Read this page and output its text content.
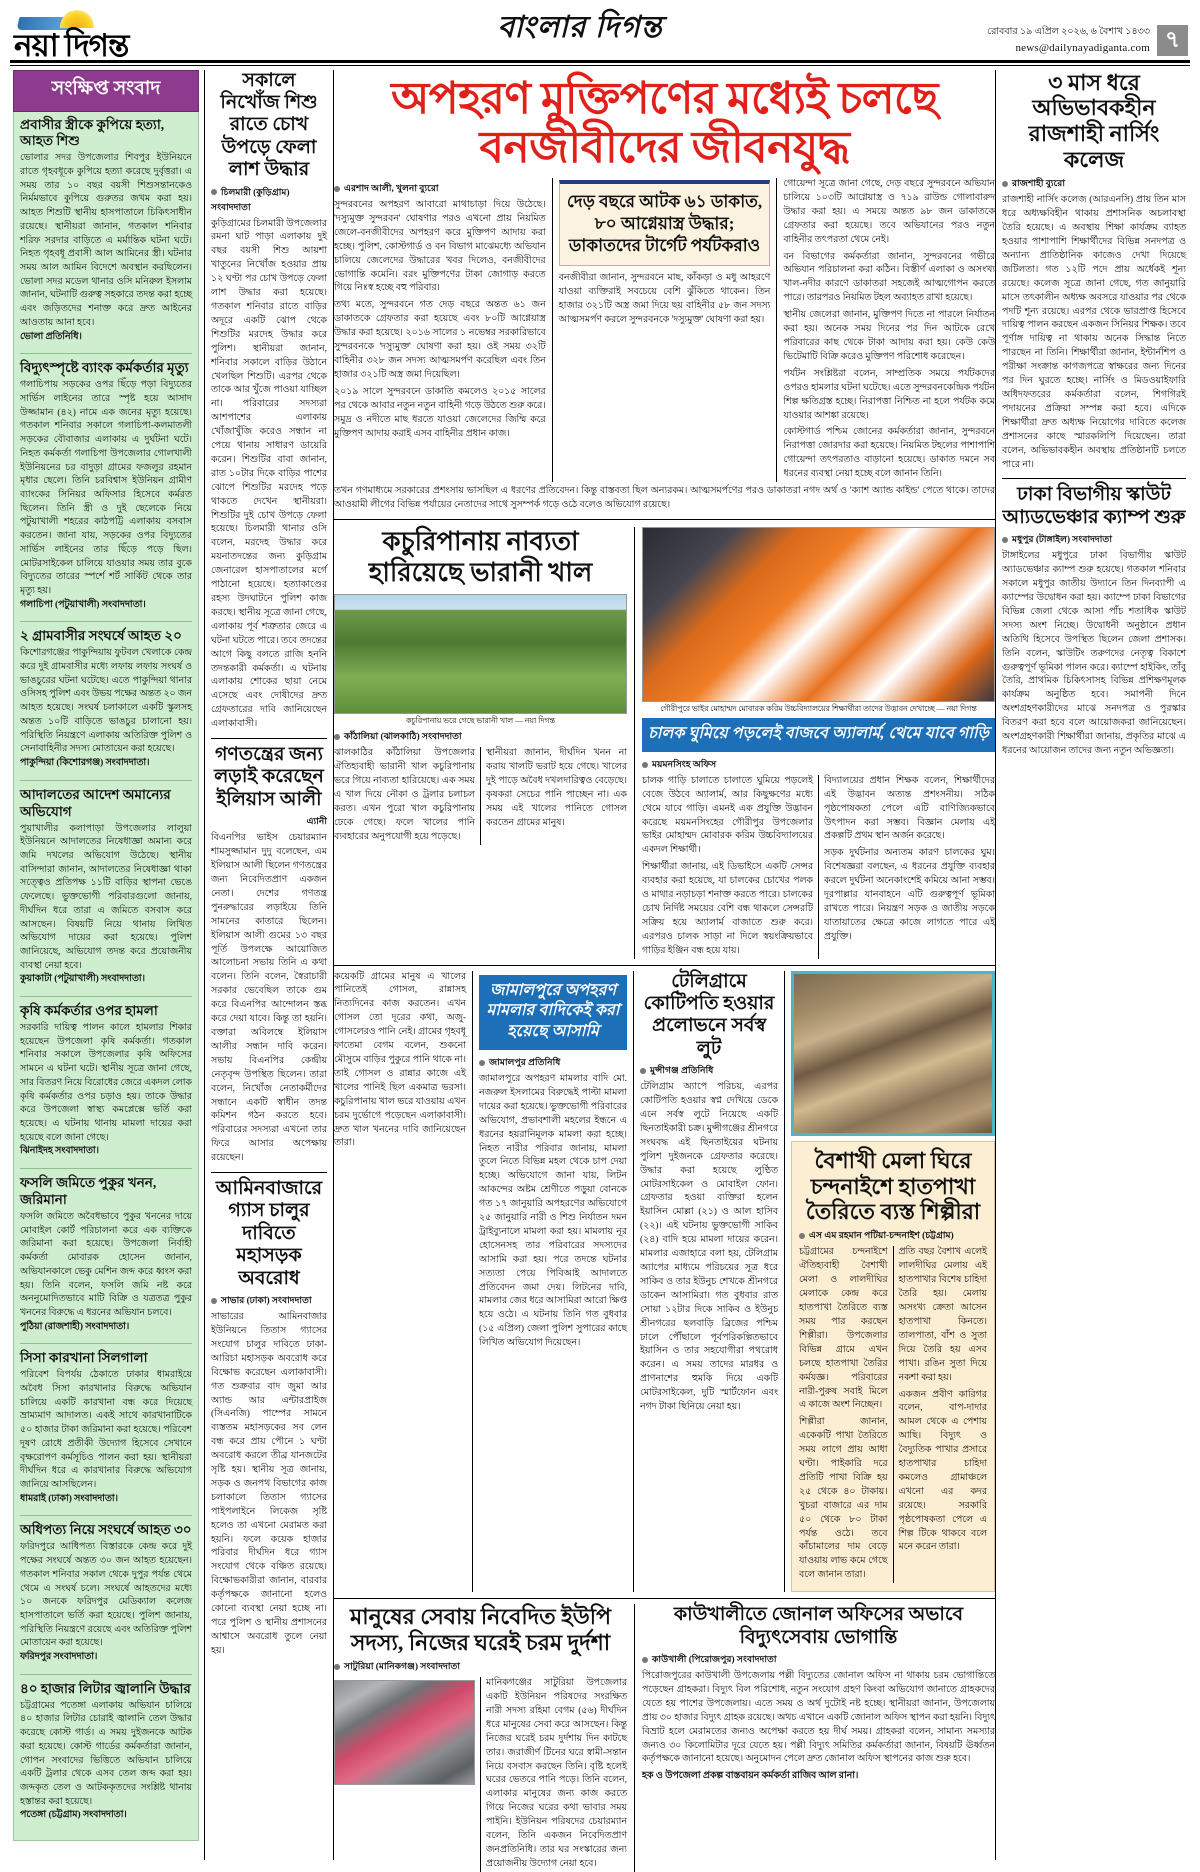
নয়া দিগন্ত
বাংলার দিগন্ত	রোববার ১৯ এপ্রিল ২০২৬, ৬ বৈশাখ ১৪৩৩
news@dailynayadiganta.com ৭
সংক্ষিপ্ত সংবাদ
প্রবাসীর স্ত্রীকে কুপিয়ে হত্যা, আহত শিশু
ভোলার সদর উপজেলার শিবপুর ইউনিয়নে রাতে গৃহবধূকে কুপিয়ে হত্যা করেছে দুর্বৃত্তরা। এ সময় তার ১০ বছর বয়সী শিশুসন্তানকেও নির্মমভাবে কুপিয়ে গুরুতর জখম করা হয়। আহত শিশুটি স্থানীয় হাসপাতালে চিকিৎসাধীন রয়েছে। স্থানীয়রা জানান, গতকাল শনিবার শরিফ সরদার বাড়িতে এ মর্মান্তিক ঘটনা ঘটে। নিহত গৃহবধূ প্রবাসী আল আমিনের স্ত্রী। ঘটনার সময় আল আমিন বিদেশে অবস্থান করছিলেন। ভোলা সদর মডেল থানার ওসি মনিরুল ইসলাম জানান, ঘটনাটি গুরুত্ব সহকারে তদন্ত করা হচ্ছে এবং জড়িতদের শনাক্ত করে দ্রুত আইনের আওতায় আনা হবে।
ভোলা প্রতিনিধি।
বিদ্যুৎস্পৃষ্টে ব্যাংক কর্মকর্তার মৃত্যু
গলাচিপায় সড়কের ওপর ছিঁড়ে পড়া বিদ্যুতের সার্ভিস লাইনের তারে স্পৃষ্ট হয়ে আসাদ উজ্জামান (৪২) নামে এক জনের মৃত্যু হয়েছে। গতকাল শনিবার সকালে গলাচিপা-কলমাতলী সড়কের বৌবাজার এলাকায় এ দুর্ঘটনা ঘটে। নিহত কর্মকর্তা গলাচিপা উপজেলার গোলখালী ইউনিয়নের চর বাদুড়া গ্রামের ফজলুর রহমান মৃধার ছেলে। তিনি চরবিশ্বাস ইউনিয়ন গ্রামীণ ব্যাংকের সিনিয়র অফিসার হিসেবে কর্মরত ছিলেন। তিনি স্ত্রী ও দুই ছেলেকে নিয়ে পটুয়াখালী শহরের কাঠপট্টি এলাকায় বসবাস করতেন। জানা যায়, সড়কের ওপর বিদ্যুতের সার্ভিস লাইনের তার ছিঁড়ে পড়ে ছিল। মোটরসাইকেল চালিয়ে যাওয়ার সময় তার বুকে বিদ্যুতের তারের স্পর্শে শর্ট সার্কিট থেকে তার মৃত্যু হয়।
গলাচিপা (পটুয়াখালী) সংবাদদাতা।
২ গ্রামবাসীর সংঘর্ষে আহত ২০
কিশোরগঞ্জের পাকুন্দিয়ায় ফুটবল খেলাকে কেন্দ্র করে দুই গ্রামবাসীর মধ্যে লফায় লফায় সংঘর্ষ ও ভাঙচুরের ঘটনা ঘটেছে। এতে পাকুন্দিয়া থানার ওসিসহ পুলিশ এবং উভয় পক্ষের অন্তত ২০ জন আহত হয়েছে। সংঘর্ষ চলাকালে একটি স্কুলসহ অন্তত ১০টি বাড়িতে ভাঙচুর চালানো হয়। পরিস্থিতি নিয়ন্ত্রণে এলাকায় অতিরিক্ত পুলিশ ও সেনাবাহিনীর সদস্য মোতায়েন করা হয়েছে।
পাকুন্দিয়া (কিশোরগঞ্জ) সংবাদদাতা।
আদালতের আদেশ অমান্যের অভিযোগ
পুয়াখালীর কলাপাড়া উপজেলার লালুয়া ইউনিয়নে আদালতের নিষেধাজ্ঞা অমান্য করে জমি দখলের অভিযোগ উঠেছে। স্থানীয় বাসিন্দারা জানান, আদালতের নিষেধাজ্ঞা থাকা সত্ত্বেও প্রতিপক্ষ ১১টি বাড়ির স্থাপনা ভেঙে ফেলেছে। ভুক্তভোগী পরিবারগুলো জানায়, দীর্ঘদিন ধরে তারা এ জমিতে বসবাস করে আসছেন। বিষয়টি নিয়ে থানায় লিখিত অভিযোগ দায়ের করা হয়েছে। পুলিশ জানিয়েছে, অভিযোগ তদন্ত করে প্রয়োজনীয় ব্যবস্থা নেয়া হবে।
কুয়াকাটা (পটুয়াখালী) সংবাদদাতা।
কৃষি কর্মকর্তার ওপর হামলা
সরকারি দায়িত্ব পালন কালে হামলার শিকার হয়েছেন উপজেলা কৃষি কর্মকর্তা। গতকাল শনিবার সকালে উপজেলার কৃষি অফিসের সামনে এ ঘটনা ঘটে। স্থানীয় সূত্রে জানা গেছে, সার বিতরণ নিয়ে বিরোধের জেরে একদল লোক কৃষি কর্মকর্তার ওপর চড়াও হয়। তাকে উদ্ধার করে উপজেলা স্বাস্থ্য কমপ্লেক্সে ভর্তি করা হয়েছে। এ ঘটনায় থানায় মামলা দায়ের করা হয়েছে বলে জানা গেছে।
ঝিনাইদহ সংবাদদাতা।
ফসলি জমিতে পুকুর খনন, জরিমানা
ফসলি জমিতে অবৈধভাবে পুকুর খননের দায়ে মোবাইল কোর্ট পরিচালনা করে এক ব্যক্তিকে জরিমানা করা হয়েছে। উপজেলা নির্বাহী কর্মকর্তা মোবারক হোসেন জানান, অভিযানকালে ভেকু মেশিন জব্দ করে ধ্বংস করা হয়। তিনি বলেন, ফসলি জমি নষ্ট করে অননুমোদিতভাবে মাটি বিক্রি ও যত্রতত্র পুকুর খননের বিরুদ্ধে এ ধরনের অভিযান চলবে।
পুঠিয়া (রাজশাহী) সংবাদদাতা।
সিসা কারখানা সিলগালা
পরিবেশ বিপর্যয় ঠেকাতে ঢাকার ধামরাইয়ে অবৈধ সিসা কারখানার বিরুদ্ধে অভিযান চালিয়ে একটি কারখানা বন্ধ করে দিয়েছে ভ্রাম্যমাণ আদালত। একই সাথে কারখানাটিকে ৫০ হাজার টাকা জরিমানা করা হয়েছে। পরিবেশ দূষণ রোধে প্রতীকী উদ্যোগ হিসেবে সেখানে বৃক্ষরোপণ কর্মসূচিও পালন করা হয়। স্থানীয়রা দীর্ঘদিন ধরে এ কারখানার বিরুদ্ধে অভিযোগ জানিয়ে আসছিলেন।
ধামরাই (ঢাকা) সংবাদদাতা।
অধিপত্য নিয়ে সংঘর্ষে আহত ৩০
ফরিদপুরে আধিপত্য বিস্তারকে কেন্দ্র করে দুই পক্ষের সংঘর্ষে অন্তত ৩০ জন আহত হয়েছেন। গতকাল শনিবার সকাল থেকে দুপুর পর্যন্ত থেমে থেমে এ সংঘর্ষ চলে। সংঘর্ষে আহতদের মধ্যে ১০ জনকে ফরিদপুর মেডিক্যাল কলেজ হাসপাতালে ভর্তি করা হয়েছে। পুলিশ জানায়, পরিস্থিতি নিয়ন্ত্রণে রয়েছে এবং অতিরিক্ত পুলিশ মোতায়েন করা হয়েছে।
ফরিদপুর সংবাদদাতা।
৪০ হাজার লিটার জ্বালানি উদ্ধার
চট্টগ্রামের পতেঙ্গা এলাকায় অভিযান চালিয়ে ৪০ হাজার লিটার চোরাই জ্বালানি তেল উদ্ধার করেছে কোস্ট গার্ড। এ সময় দুইজনকে আটক করা হয়েছে। কোস্ট গার্ডের কর্মকর্তারা জানান, গোপন সংবাদের ভিত্তিতে অভিযান চালিয়ে একটি ট্রলার থেকে এসব তেল জব্দ করা হয়। জব্দকৃত তেল ও আটককৃতদের সংশ্লিষ্ট থানায় হস্তান্তর করা হয়েছে।
পতেঙ্গা (চট্টগ্রাম) সংবাদদাতা।
সকালে নিখোঁজ শিশু রাতে চোখ উপড়ে ফেলা লাশ উদ্ধার
চিলমারী (কুড়িগ্রাম) সংবাদদাতা
কুড়িগ্রামের চিলমারী উপজেলার রমনা ঘাট পাড়া এলাকায় দুই বছর বয়সী শিশু আয়শা খাতুনের নিখোঁজ হওয়ার প্রায় ১২ ঘণ্টা পর চোখ উপড়ে ফেলা লাশ উদ্ধার করা হয়েছে। গতকাল শনিবার রাতে বাড়ির অদূরে একটি ঝোপ থেকে শিশুটির মরদেহ উদ্ধার করে পুলিশ। স্থানীয়রা জানান, শনিবার সকালে বাড়ির উঠানে খেলছিল শিশুটি। এরপর থেকে তাকে আর খুঁজে পাওয়া যাচ্ছিল না। পরিবারের সদস্যরা আশপাশের এলাকায় খোঁজাখুঁজি করেও সন্ধান না পেয়ে থানায় সাধারণ ডায়েরি করেন। শিশুটির বাবা জানান, রাত ১০টার দিকে বাড়ির পাশের ঝোপে শিশুটির মরদেহ পড়ে থাকতে দেখেন স্থানীয়রা। শিশুটির দুই চোখ উপড়ে ফেলা হয়েছে। চিলমারী থানার ওসি বলেন, মরদেহ উদ্ধার করে ময়নাতদন্তের জন্য কুড়িগ্রাম জেনারেল হাসপাতালের মর্গে পাঠানো হয়েছে। হত্যাকাণ্ডের রহস্য উদঘাটনে পুলিশ কাজ করছে। স্থানীয় সূত্রে জানা গেছে, এলাকায় পূর্ব শত্রুতার জেরে এ ঘটনা ঘটতে পারে। তবে তদন্তের আগে কিছু বলতে রাজি হননি তদন্তকারী কর্মকর্তা। এ ঘটনায় এলাকায় শোকের ছায়া নেমে এসেছে এবং দোষীদের দ্রুত গ্রেফতারের দাবি জানিয়েছেন এলাকাবাসী।
গণতন্ত্রের জন্য লড়াই করেছেন ইলিয়াস আলী
এ্যানী
বিএনপির ভাইস চেয়ারম্যান শামসুজ্জামান দুদু বলেছেন, এম ইলিয়াস আলী ছিলেন গণতন্ত্রের জন্য নিবেদিতপ্রাণ একজন নেতা। দেশের গণতন্ত্র পুনরুদ্ধারের লড়াইয়ে তিনি সামনের কাতারে ছিলেন। ইলিয়াস আলী গুমের ১৩ বছর পূর্তি উপলক্ষে আয়োজিত আলোচনা সভায় তিনি এ কথা বলেন। তিনি বলেন, স্বৈরাচারী সরকার ভেবেছিল তাকে গুম করে বিএনপির আন্দোলন স্তব্ধ করে দেয়া যাবে। কিন্তু তা হয়নি। বক্তারা অবিলম্বে ইলিয়াস আলীর সন্ধান দাবি করেন। সভায় বিএনপির কেন্দ্রীয় নেতৃবৃন্দ উপস্থিত ছিলেন। তারা বলেন, নিখোঁজ নেতাকর্মীদের সন্ধানে একটি স্বাধীন তদন্ত কমিশন গঠন করতে হবে। পরিবারের সদস্যরা এখনো তার ফিরে আসার অপেক্ষায় রয়েছেন।
আমিনবাজারে গ্যাস চালুর দাবিতে মহাসড়ক অবরোধ
সাভার (ঢাকা) সংবাদদাতা
সাভারের আমিনবাজার ইউনিয়নে তিতাস গ্যাসের সংযোগ চালুর দাবিতে ঢাকা-আরিচা মহাসড়ক অবরোধ করে বিক্ষোভ করেছেন এলাকাবাসী। গত শুক্রবার বাদ জুমা আর অ্যান্ড আর এন্টারপ্রাইজ (সিএনজি) পাম্পের সামনে ব্যস্ততম মহাসড়কের সব লেন বন্ধ করে প্রায় পৌনে ১ ঘণ্টা অবরোধ করলে তীব্র যানজটের সৃষ্টি হয়। স্থানীয় সূত্র জানায়, সড়ক ও জনপথ বিভাগের কাজ চলাকালে তিতাস গ্যাসের পাইপলাইনে লিকেজ সৃষ্টি হলেও তা এখনো মেরামত করা হয়নি। ফলে কয়েক হাজার পরিবার দীর্ঘদিন ধরে গ্যাস সংযোগ থেকে বঞ্চিত রয়েছে। বিক্ষোভকারীরা জানান, বারবার কর্তৃপক্ষকে জানানো হলেও কোনো ব্যবস্থা নেয়া হচ্ছে না। পরে পুলিশ ও স্থানীয় প্রশাসনের আশ্বাসে অবরোধ তুলে নেয়া হয়।
অপহরণ মুক্তিপণের মধ্যেই চলছে বনজীবীদের জীবনযুদ্ধ
এরশাদ আলী, খুলনা ব্যুরো
সুন্দরবনের অপহরণ আবারো মাথাচাড়া দিয়ে উঠেছে। 'দস্যুমুক্ত সুন্দরবন' ঘোষণার পরও এখনো প্রায় নিয়মিত জেলে-বনজীবীদের অপহরণ করে মুক্তিপণ আদায় করা হচ্ছে। পুলিশ, কোস্টগার্ড ও বন বিভাগ মাঝেমধ্যে অভিযান চালিয়ে জেলেদের উদ্ধারের খবর দিলেও, বনজীবীদের ভোগান্তি কমেনি। বরং মুক্তিপণের টাকা জোগাড় করতে গিয়ে নিঃস্ব হচ্ছে বহু পরিবার।
তথ্য মতে, সুন্দরবনে গত দেড় বছরে অন্তত ৬১ জন ডাকাতকে গ্রেফতার করা হয়েছে এবং ৮০টি আগ্নেয়াস্ত্র উদ্ধার করা হয়েছে। ২০১৬ সালের ১ নভেম্বর সরকারিভাবে সুন্দরবনকে 'দস্যুমুক্ত' ঘোষণা করা হয়। ওই সময় ৩২টি বাহিনীর ৩২৮ জন সদস্য আত্মসমর্পণ করেছিল এবং তিন হাজার ৩২১টি অস্ত্র জমা দিয়েছিল।
২০১৯ সালে সুন্দরবনে ডাকাতি কমলেও ২০১৫ সালের পর থেকে আবার নতুন নতুন বাহিনী গড়ে উঠতে শুরু করে। সমুদ্র ও নদীতে মাছ ধরতে যাওয়া জেলেদের জিম্মি করে মুক্তিপণ আদায় করাই এসব বাহিনীর প্রধান কাজ।
দেড় বছরে আটক ৬১ ডাকাত, ৮০ আগ্নেয়াস্ত্র উদ্ধার; ডাকাতদের টার্গেট পর্যটকরাও
বনজীবীরা জানান, সুন্দরবনে মাছ, কাঁকড়া ও মধু আহরণে যাওয়া ব্যক্তিরাই সবচেয়ে বেশি ঝুঁকিতে থাকেন। তিন হাজার ৩২১টি অস্ত্র জমা দিয়ে ছয় বাহিনীর ৫৮ জন সদস্য আত্মসমর্পণ করলে সুন্দরবনকে 'দস্যুমুক্ত' ঘোষণা করা হয়।
গোয়েন্দা সূত্রে জানা গেছে, দেড় বছরে সুন্দরবনে অভিযান চালিয়ে ১০৩টি আগ্নেয়াস্ত্র ও ৭১৯ রাউন্ড গোলাবারুদ উদ্ধার করা হয়। এ সময়ে অন্তত ৯৮ জন ডাকাতকে গ্রেফতার করা হয়েছে। তবে অভিযানের পরও নতুন বাহিনীর তৎপরতা থেমে নেই।
বন বিভাগের কর্মকর্তারা জানান, সুন্দরবনের গভীরে অভিযান পরিচালনা করা কঠিন। বিস্তীর্ণ এলাকা ও অসংখ্য খাল-নদীর কারণে ডাকাতরা সহজেই আত্মগোপন করতে পারে। তারপরও নিয়মিত টহল অব্যাহত রাখা হয়েছে।
স্থানীয় জেলেরা জানান, মুক্তিপণ দিতে না পারলে নির্যাতন করা হয়। অনেক সময় দিনের পর দিন আটকে রেখে পরিবারের কাছ থেকে টাকা আদায় করা হয়। কেউ কেউ ভিটেমাটি বিক্রি করেও মুক্তিপণ পরিশোধ করেছেন।
পর্যটন সংশ্লিষ্টরা বলেন, সাম্প্রতিক সময়ে পর্যটকদের ওপরও হামলার ঘটনা ঘটেছে। এতে সুন্দরবনকেন্দ্রিক পর্যটন শিল্প ক্ষতিগ্রস্ত হচ্ছে। নিরাপত্তা নিশ্চিত না হলে পর্যটক কমে যাওয়ার আশঙ্কা রয়েছে।
কোস্টগার্ড পশ্চিম জোনের কর্মকর্তারা জানান, সুন্দরবনে নিরাপত্তা জোরদার করা হয়েছে। নিয়মিত টহলের পাশাপাশি গোয়েন্দা তৎপরতাও বাড়ানো হয়েছে। ডাকাত দমনে সব ধরনের ব্যবস্থা নেয়া হচ্ছে বলে জানান তিনি।
তখন গণমাধ্যমে সরকারের প্রশংসায় ভাসছিল এ ধরণের প্রতিবেদন। কিন্তু বাস্তবতা ছিল অন্যরকম। আত্মসমর্পণের পরও ডাকাতরা নগদ অর্থ ও 'ক্যাশ অ্যান্ড কাইন্ড' পেতে থাকে। তাদের আওয়ামী লীগের বিভিন্ন পর্যায়ের নেতাদের সাথে সুসম্পর্ক গড়ে ওঠে বলেও অভিযোগ রয়েছে।
কচুরিপানায় নাব্যতা হারিয়েছে ভারানী খাল
কচুরিপানায় ভরে গেছে ভারানী খাল — নয়া দিগন্ত
কাঁঠালিয়া (ঝালকাঠি) সংবাদদাতা
ঝালকাঠির কাঁঠালিয়া উপজেলার ঐতিহ্যবাহী ভারানী খাল কচুরিপানায় ভরে গিয়ে নাব্যতা হারিয়েছে। এক সময় এ খাল দিয়ে নৌকা ও ট্রলার চলাচল করত। এখন পুরো খাল কচুরিপানায় ঢেকে গেছে। ফলে খালের পানি ব্যবহারের অনুপযোগী হয়ে পড়েছে।
স্থানীয়রা জানান, দীর্ঘদিন খনন না করায় খালটি ভরাট হয়ে গেছে। খালের দুই পাড়ে অবৈধ দখলদারিত্বও বেড়েছে। কৃষকরা সেচের পানি পাচ্ছেন না। এক সময় এই খালের পানিতে গোসল করতেন গ্রামের মানুষ।
গৌরীপুরে ভাইর মোহাম্মদ মোবারক করিম উচ্চবিদ্যালয়ের শিক্ষার্থীরা তাদের উদ্ভাবন দেখাচ্ছে — নয়া দিগন্ত
চালক ঘুমিয়ে পড়লেই বাজবে অ্যালার্ম, থেমে যাবে গাড়ি
ময়মনসিংহ অফিস
চালক গাড়ি চালাতে চালাতে ঘুমিয়ে পড়লেই বেজে উঠবে অ্যালার্ম, আর কিছুক্ষণের মধ্যে থেমে যাবে গাড়ি। এমনই এক প্রযুক্তি উদ্ভাবন করেছে ময়মনসিংহের গৌরীপুর উপজেলার ভাইর মোহাম্মদ মোবারক করিম উচ্চবিদ্যালয়ের একদল শিক্ষার্থী।
শিক্ষার্থীরা জানায়, এই ডিভাইসে একটি সেন্সর ব্যবহার করা হয়েছে, যা চালকের চোখের পলক ও মাথার নড়াচড়া শনাক্ত করতে পারে। চালকের চোখ নির্দিষ্ট সময়ের বেশি বন্ধ থাকলে সেন্সরটি সক্রিয় হয়ে অ্যালার্ম বাজাতে শুরু করে। এরপরও চালক সাড়া না দিলে স্বয়ংক্রিয়ভাবে গাড়ির ইঞ্জিন বন্ধ হয়ে যায়।
বিদ্যালয়ের প্রধান শিক্ষক বলেন, শিক্ষার্থীদের এই উদ্ভাবন অত্যন্ত প্রশংসনীয়। সঠিক পৃষ্ঠপোষকতা পেলে এটি বাণিজ্যিকভাবে উৎপাদন করা সম্ভব। বিজ্ঞান মেলায় এই প্রকল্পটি প্রথম স্থান অর্জন করেছে।
সড়ক দুর্ঘটনার অন্যতম কারণ চালকের ঘুম। বিশেষজ্ঞরা বলছেন, এ ধরনের প্রযুক্তি ব্যবহার করলে দুর্ঘটনা অনেকাংশেই কমিয়ে আনা সম্ভব। দূরপাল্লার যানবাহনে এটি গুরুত্বপূর্ণ ভূমিকা রাখতে পারে। নিয়ন্ত্রণ সড়ক ও জাতীয় সড়কে যাতায়াতের ক্ষেত্রে কাজে লাগতে পারে এই প্রযুক্তি।
কয়েকটি গ্রামের মানুষ এ খালের পানিতেই গোসল, রান্নাসহ নিত্যদিনের কাজ করতেন। এখন গোসল তো দূরের কথা, অজু-গোসলেরও পানি নেই। গ্রামের গৃহবধূ ফাতেমা বেগম বলেন, শুকনো মৌসুমে বাড়ির পুকুরে পানি থাকে না। তাই গোসল ও রান্নার কাজে এই খালের পানিই ছিল একমাত্র ভরসা। কচুরিপানায় খাল ভরে যাওয়ায় এখন চরম দুর্ভোগে পড়েছেন এলাকাবাসী। দ্রুত খাল খননের দাবি জানিয়েছেন তারা।
জামালপুরে অপহরণ মামলার বাদিকেই করা হয়েছে আসামি
জামালপুর প্রতিনিধি
জামালপুরে অপহরণ মামলার বাদি মো. নজরুল ইসলামের বিরুদ্ধেই পাল্টা মামলা দায়ের করা হয়েছে। ভুক্তভোগী পরিবারের অভিযোগ, প্রভাবশালী মহলের ইন্ধনে এ ধরনের হয়রানিমূলক মামলা করা হচ্ছে। নিহত নারীর পরিবার জানায়, মামলা তুলে নিতে বিভিন্ন মহল থেকে চাপ দেয়া হচ্ছে। অভিযোগে জানা যায়, লিটন আকন্দের অষ্টম শ্রেণীতে পড়ুয়া বোনকে গত ১৭ জানুয়ারি অপহরণের অভিযোগে ২৫ জানুয়ারি নারী ও শিশু নির্যাতন দমন ট্রাইব্যুনালে মামলা করা হয়। মামলায় নূর হোসেনসহ তার পরিবারের সদস্যদের আসামি করা হয়। পরে তদন্তে ঘটনার সত্যতা পেয়ে পিবিআই আদালতে প্রতিবেদন জমা দেয়। লিটনের দাবি, মামলার জের ধরে আসামিরা আরো ক্ষিপ্ত হয়ে ওঠে। এ ঘটনায় তিনি গত বুধবার (১৫ এপ্রিল) জেলা পুলিশ সুপারের কাছে লিখিত অভিযোগ দিয়েছেন।
টেলিগ্রামে কোটিপতি হওয়ার প্রলোভনে সর্বস্ব লুট
মুন্সীগঞ্জ প্রতিনিধি
টেলিগ্রাম অ্যাপে পরিচয়, এরপর কোটিপতি হওয়ার স্বপ্ন দেখিয়ে ডেকে এনে সর্বস্ব লুটে নিয়েছে একটি ছিনতাইকারী চক্র। মুন্সীগঞ্জের শ্রীনগরে সংঘবদ্ধ এই ছিনতাইয়ের ঘটনায় পুলিশ দুইজনকে গ্রেফতার করেছে। উদ্ধার করা হয়েছে লুণ্ঠিত মোটরসাইকেল ও মোবাইল ফোন। গ্রেফতার হওয়া ব্যক্তিরা হলেন ইয়াসিন মোল্লা (২১) ও আল হাসিব (২২)। এই ঘটনায় ভুক্তভোগী সাকিব (২৪) বাদি হয়ে মামলা দায়ের করেন। মামলার এজাহারে বলা হয়, টেলিগ্রাম অ্যাপের মাধ্যমে পরিচয়ের সূত্র ধরে সাকিব ও তার ইউনুচ শেখকে শ্রীনগরে ডাকেন আসামিরা। গত বুধবার রাত সোয়া ১২টার দিকে সাকিব ও ইউনুচ শ্রীনগরের ছলবাড়ি ব্রিজের পশ্চিম ঢালে পৌঁছালে পূর্বপরিকল্পিতভাবে ইয়াসিন ও তার সহযোগীরা পথরোধ করেন। এ সময় তাদের মারধর ও প্রাণনাশের হুমকি দিয়ে একটি মোটরসাইকেল, দুটি স্মার্টফোন এবং নগদ টাকা ছিনিয়ে নেয়া হয়।
বৈশাখী মেলা ঘিরে চন্দনাইশে হাতপাখা তৈরিতে ব্যস্ত শিল্পীরা
এস এম রহমান পটিয়া-চন্দনাইশ (চট্টগ্রাম)
চট্টগ্রামের চন্দনাইশে ঐতিহ্যবাহী বৈশাখী মেলা ও লালদীঘির মেলাকে কেন্দ্র করে হাতপাখা তৈরিতে ব্যস্ত সময় পার করছেন শিল্পীরা। উপজেলার বিভিন্ন গ্রামে এখন চলছে হাতপাখা তৈরির কর্মযজ্ঞ। পরিবারের নারী-পুরুষ সবাই মিলে এ কাজে অংশ নিচ্ছেন।
শিল্পীরা জানান, একেকটি পাখা তৈরিতে সময় লাগে প্রায় আধা ঘণ্টা। পাইকারি দরে প্রতিটি পাখা বিক্রি হয় ২৫ থেকে ৪০ টাকায়। খুচরা বাজারে এর দাম ৫০ থেকে ৮০ টাকা পর্যন্ত ওঠে। তবে কাঁচামালের দাম বেড়ে যাওয়ায় লাভ কমে গেছে বলে জানান তারা।
প্রতি বছর বৈশাখ এলেই লালদীঘির মেলায় এই হাতপাখার বিশেষ চাহিদা তৈরি হয়। মেলায় অসংখ্য ক্রেতা আসেন হাতপাখা কিনতে। তালপাতা, বাঁশ ও সুতা দিয়ে তৈরি হয় এসব পাখা। রঙিন সুতা দিয়ে নকশা করা হয়।
একজন প্রবীণ কারিগর বলেন, বাপ-দাদার আমল থেকে এ পেশায় আছি। বিদ্যুৎ ও বৈদ্যুতিক পাখার প্রসারে হাতপাখার চাহিদা কমলেও গ্রামাঞ্চলে এখনো এর কদর রয়েছে। সরকারি পৃষ্ঠপোষকতা পেলে এ শিল্প টিকে থাকবে বলে মনে করেন তারা।
মানুষের সেবায় নিবেদিত ইউপি সদস্য, নিজের ঘরেই চরম দুর্দশা
সাটুরিয়া (মানিকগঞ্জ) সংবাদদাতা
মানিকগঞ্জের সাটুরিয়া উপজেলার একটি ইউনিয়ন পরিষদের সংরক্ষিত নারী সদস্য রহিমা বেগম (৫৬) দীর্ঘদিন ধরে মানুষের সেবা করে আসছেন। কিন্তু নিজের ঘরেই চরম দুর্দশায় দিন কাটছে তার। জরাজীর্ণ টিনের ঘরে স্বামী-সন্তান নিয়ে বসবাস করছেন তিনি। বৃষ্টি হলেই ঘরের ভেতরে পানি পড়ে। তিনি বলেন, এলাকার মানুষের জন্য কাজ করতে গিয়ে নিজের ঘরের কথা ভাবার সময় পাইনি। ইউনিয়ন পরিষদের চেয়ারম্যান বলেন, তিনি একজন নিবেদিতপ্রাণ জনপ্রতিনিধি। তার ঘর সংস্কারের জন্য প্রয়োজনীয় উদ্যোগ নেয়া হবে।
কাউখালীতে জোনাল অফিসের অভাবে বিদ্যুৎসেবায় ভোগান্তি
কাউখালী (পিরোজপুর) সংবাদদাতা
পিরোজপুরের কাউখালী উপজেলায় পল্লী বিদ্যুতের জোনাল অফিস না থাকায় চরম ভোগান্তিতে পড়েছেন গ্রাহকরা। বিদ্যুৎ বিল পরিশোধ, নতুন সংযোগ গ্রহণ কিংবা অভিযোগ জানাতে গ্রাহকদের যেতে হয় পাশের উপজেলায়। এতে সময় ও অর্থ দুটোই নষ্ট হচ্ছে। স্থানীয়রা জানান, উপজেলায় প্রায় ৩০ হাজার বিদ্যুৎ গ্রাহক রয়েছে। অথচ এখানে একটি জোনাল অফিস স্থাপন করা হয়নি। বিদ্যুৎ বিভ্রাট হলে মেরামতের জন্যও অপেক্ষা করতে হয় দীর্ঘ সময়। গ্রাহকরা বলেন, সামান্য সমস্যার জন্যও ৩০ কিলোমিটার দূরে যেতে হয়। পল্লী বিদ্যুৎ সমিতির কর্মকর্তারা জানান, বিষয়টি ঊর্ধ্বতন কর্তৃপক্ষকে জানানো হয়েছে। অনুমোদন পেলে দ্রুত জোনাল অফিস স্থাপনের কাজ শুরু হবে।
হক ও উপজেলা প্রকল্প বাস্তবায়ন কর্মকর্তা রাজিব আল রানা।
৩ মাস ধরে অভিভাবকহীন রাজশাহী নার্সিং কলেজ
রাজশাহী ব্যুরো
রাজশাহী নার্সিং কলেজ (আরএনসি) প্রায় তিন মাস ধরে অধ্যক্ষবিহীন থাকায় প্রশাসনিক অচলাবস্থা তৈরি হয়েছে। এ অবস্থায় শিক্ষা কার্যক্রম ব্যাহত হওয়ার পাশাপাশি শিক্ষার্থীদের বিভিন্ন সনদপত্র ও অন্যান্য প্রাতিষ্ঠানিক কাজেও দেখা দিয়েছে জটিলতা। গত ১২টি পদে প্রায় অর্ধেকই শূন্য রয়েছে। কলেজ সূত্রে জানা গেছে, গত জানুয়ারি মাসে তৎকালীন অধ্যক্ষ অবসরে যাওয়ার পর থেকে পদটি শূন্য রয়েছে। এরপর থেকে ভারপ্রাপ্ত হিসেবে দায়িত্ব পালন করছেন একজন সিনিয়র শিক্ষক। তবে পূর্ণাঙ্গ দায়িত্ব না থাকায় অনেক সিদ্ধান্ত নিতে পারছেন না তিনি। শিক্ষার্থীরা জানান, ইন্টার্নশিপ ও পরীক্ষা সংক্রান্ত কাগজপত্রে স্বাক্ষরের জন্য দিনের পর দিন ঘুরতে হচ্ছে। নার্সিং ও মিডওয়াইফারি অধিদফতরের কর্মকর্তারা বলেন, শিগগিরই পদায়নের প্রক্রিয়া সম্পন্ন করা হবে। এদিকে শিক্ষার্থীরা দ্রুত অধ্যক্ষ নিয়োগের দাবিতে কলেজ প্রশাসনের কাছে স্মারকলিপি দিয়েছেন। তারা বলেন, অভিভাবকহীন অবস্থায় প্রতিষ্ঠানটি চলতে পারে না।
ঢাকা বিভাগীয় স্কাউট আ্যডভেঞ্চার ক্যাম্প শুরু
মধুপুর (টাঙ্গাইল) সংবাদদাতা
টাঙ্গাইলের মধুপুরে ঢাকা বিভাগীয় স্কাউট অ্যাডভেঞ্চার ক্যাম্প শুরু হয়েছে। গতকাল শনিবার সকালে মধুপুর জাতীয় উদ্যানে তিন দিনব্যাপী এ ক্যাম্পের উদ্বোধন করা হয়। ক্যাম্পে ঢাকা বিভাগের বিভিন্ন জেলা থেকে আসা পাঁচ শতাধিক স্কাউট সদস্য অংশ নিচ্ছে। উদ্বোধনী অনুষ্ঠানে প্রধান অতিথি হিসেবে উপস্থিত ছিলেন জেলা প্রশাসক। তিনি বলেন, স্কাউটিং তরুণদের নেতৃত্ব বিকাশে গুরুত্বপূর্ণ ভূমিকা পালন করে। ক্যাম্পে হাইকিং, তাঁবু তৈরি, প্রাথমিক চিকিৎসাসহ বিভিন্ন প্রশিক্ষণমূলক কার্যক্রম অনুষ্ঠিত হবে। সমাপনী দিনে অংশগ্রহণকারীদের মাঝে সনদপত্র ও পুরস্কার বিতরণ করা হবে বলে আয়োজকরা জানিয়েছেন। অংশগ্রহণকারী শিক্ষার্থীরা জানায়, প্রকৃতির মাঝে এ ধরনের আয়োজন তাদের জন্য নতুন অভিজ্ঞতা।
